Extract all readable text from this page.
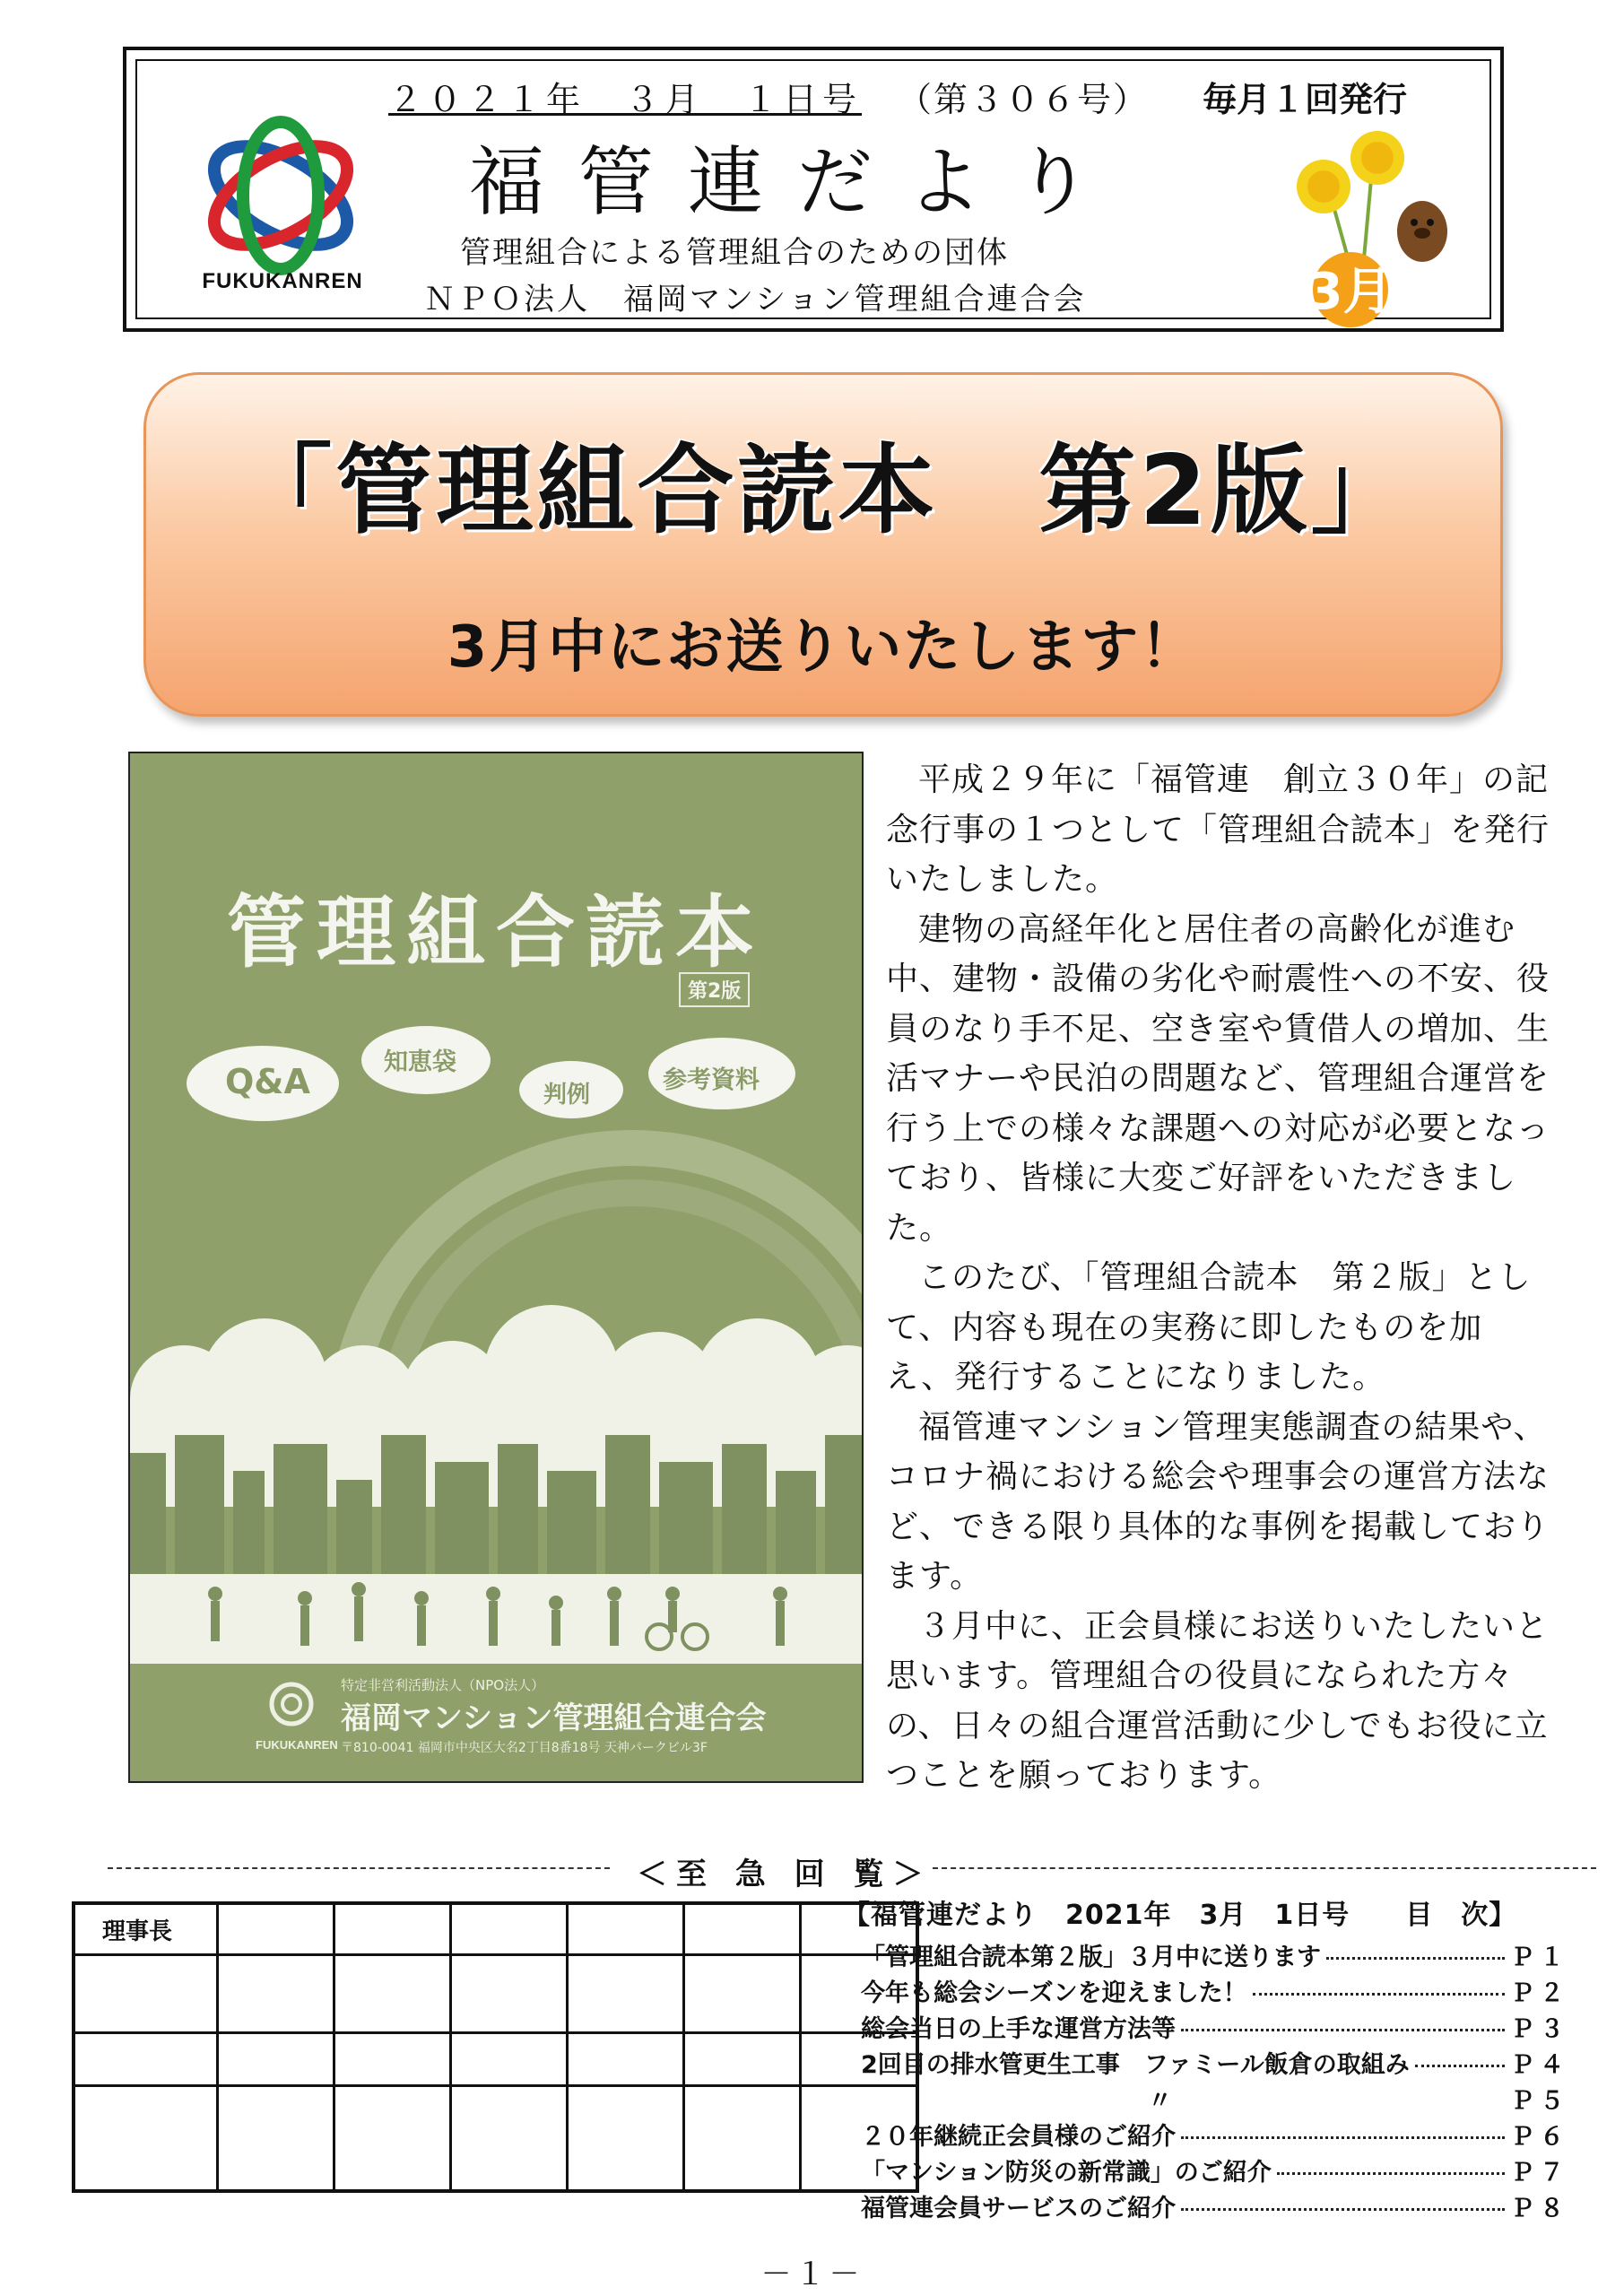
FUKUKANREN
２０２１年　３月　１日号 （第３０６号） 毎月１回発行
福管連だより
管理組合による管理組合のための団体
ＮＰＯ法人　福岡マンション管理組合連合会	3月
「管理組合読本　第2版」
3月中にお送りいたします！
管理組合読本
第2版
Q&A	知恵袋
判例
参考資料
特定非営利活動法人（NPO法人）
福岡マンション管理組合連合会
FUKUKANREN 〒810-0041 福岡市中央区大名2丁目8番18号 天神パークビル3F

平成２９年に「福管連　創立３０年」の記念行事の１つとして「管理組合読本」を発行いたしました。

建物の高経年化と居住者の高齢化が進む中、建物・設備の劣化や耐震性への不安、役員のなり手不足、空き室や賃借人の増加、生活マナーや民泊の問題など、管理組合運営を行う上での様々な課題への対応が必要となっており、皆様に大変ご好評をいただきました。

このたび、「管理組合読本　第２版」として、内容も現在の実務に即したものを加え、発行することになりました。

福管連マンション管理実態調査の結果や、コロナ禍における総会や理事会の運営方法など、できる限り具体的な事例を掲載しております。

３月中に、正会員様にお送りいたしたいと思います。管理組合の役員になられた方々の、日々の組合運営活動に少しでもお役に立つことを願っております。

＜至 急 回 覧＞
理事長						

【福管連だより　2021年　3月　1日号　　目　次】
「管理組合読本第２版」３月中に送ります	Ｐ１
今年も総会シーズンを迎えました！	Ｐ２
総会当日の上手な運営方法等	Ｐ３
2回目の排水管更生工事　ファミール飯倉の取組み	Ｐ４
〃	Ｐ５
２０年継続正会員様のご紹介	Ｐ６
「マンション防災の新常識」のご紹介	Ｐ７
福管連会員サービスのご紹介	Ｐ８
－１－
